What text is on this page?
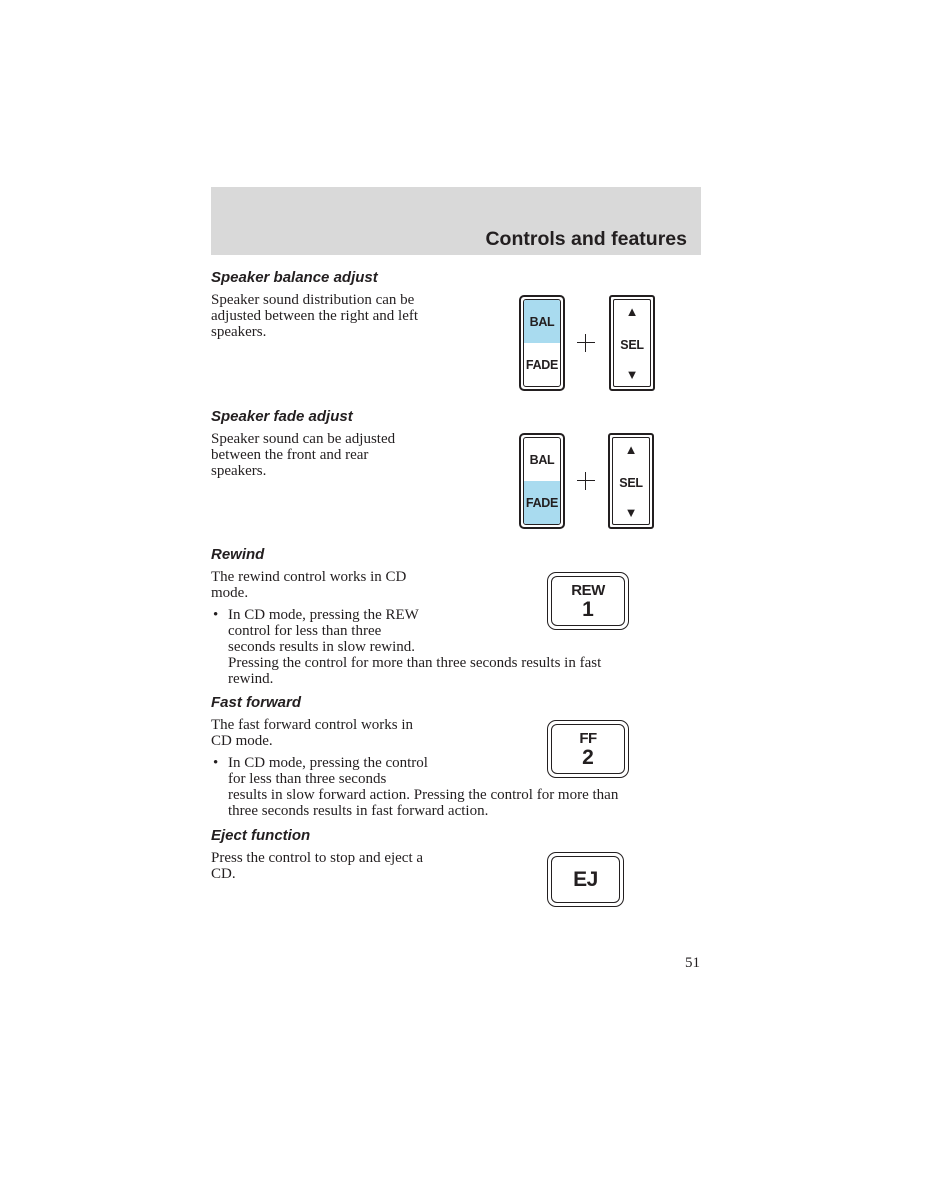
Controls and features
Speaker balance adjust
Speaker sound distribution can be
adjusted between the right and left
speakers.
BAL
FADE
▲
SEL
▼
Speaker fade adjust
Speaker sound can be adjusted
between the front and rear
speakers.
BAL
FADE
▲
SEL
▼
Rewind
The rewind control works in CD
mode.
• In CD mode, pressing the REW
control for less than three
seconds results in slow rewind.
Pressing the control for more than three seconds results in fast
rewind.
REW
1
Fast forward
The fast forward control works in
CD mode.
• In CD mode, pressing the control
for less than three seconds
results in slow forward action. Pressing the control for more than
three seconds results in fast forward action.
FF
2
Eject function
Press the control to stop and eject a
CD.	EJ
51
